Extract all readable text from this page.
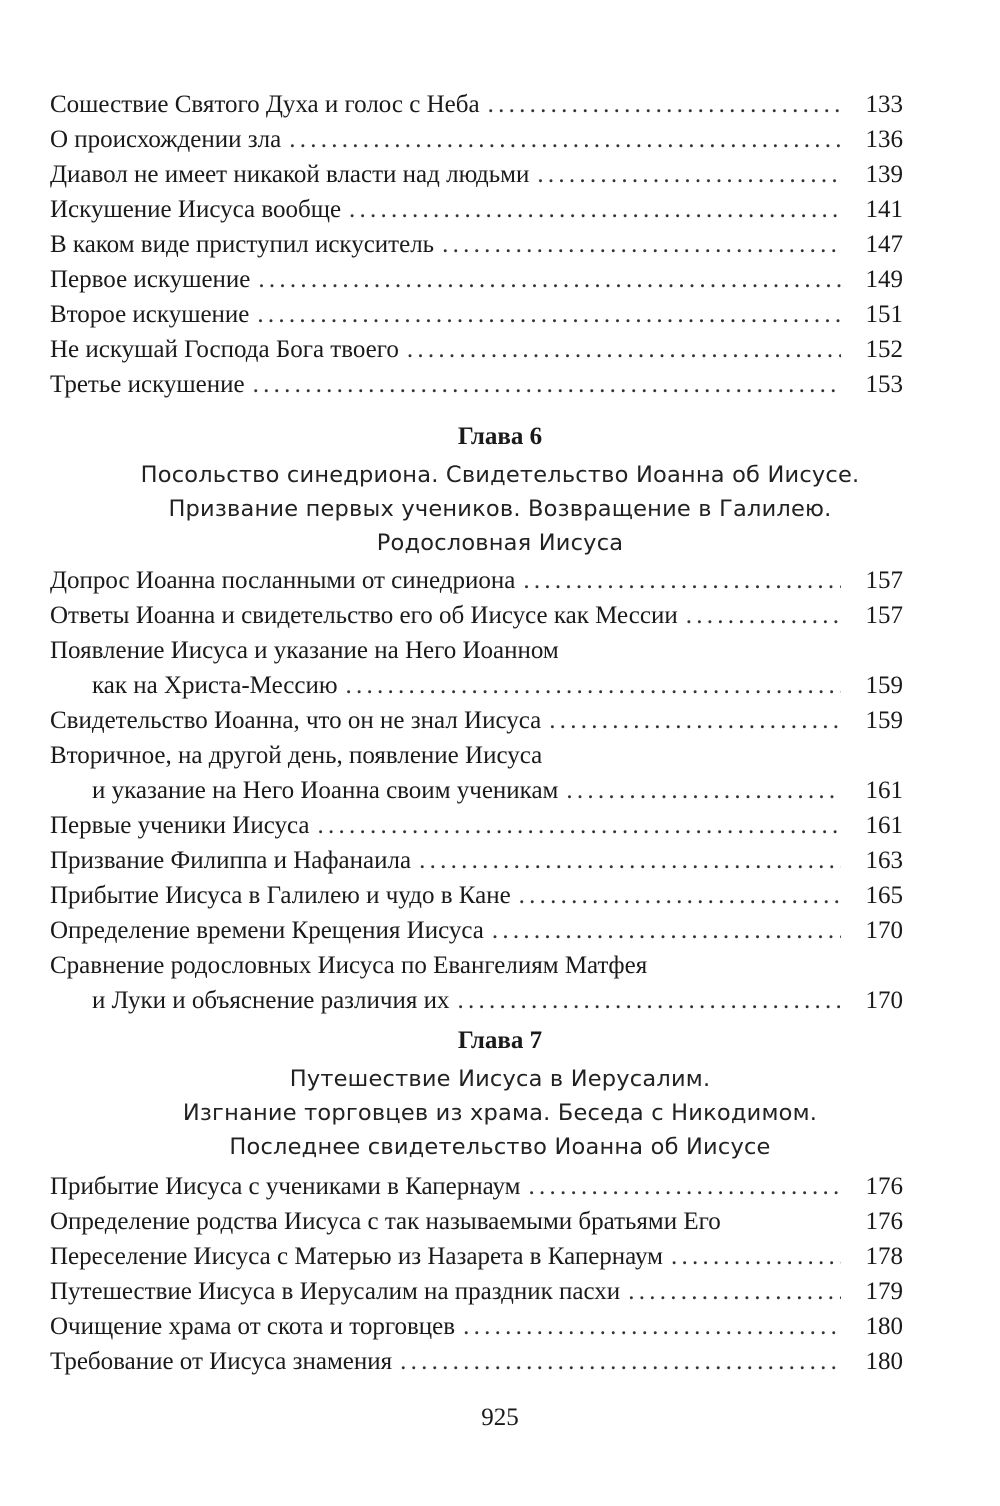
Сошествие Святого Духа и голос с Неба . . .	133
О происхождении зла . . .	136
Диавол не имеет никакой власти над людьми . . .	139
Искушение Иисуса вообще . . .	141
В каком виде приступил искуситель . . .	147
Первое искушение . . .	149
Второе искушение . . .	151
Не искушай Господа Бога твоего . . .	152
Третье искушение . . .	153
Глава 6
Посольство синедриона. Свидетельство Иоанна об Иисусе.
Призвание первых учеников. Возвращение в Галилею.
Родословная Иисуса
Допрос Иоанна посланными от синедриона . . .	157
Ответы Иоанна и свидетельство его об Иисусе как Мессии . . .	157
Появление Иисуса и указание на Него Иоанном
как на Христа-Мессию . . .	159
Свидетельство Иоанна, что он не знал Иисуса . . .	159
Вторичное, на другой день, появление Иисуса
и указание на Него Иоанна своим ученикам . . .	161
Первые ученики Иисуса . . .	161
Призвание Филиппа и Нафанаила . . .	163
Прибытие Иисуса в Галилею и чудо в Кане . . .	165
Определение времени Крещения Иисуса . . .	170
Сравнение родословных Иисуса по Евангелиям Матфея
и Луки и объяснение различия их . . .	170
Глава 7
Путешествие Иисуса в Иерусалим.
Изгнание торговцев из храма. Беседа с Никодимом.
Последнее свидетельство Иоанна об Иисусе
Прибытие Иисуса с учениками в Капернаум . . .	176
Определение родства Иисуса с так называемыми братьями Его	176
Переселение Иисуса с Матерью из Назарета в Капернаум . . .	178
Путешествие Иисуса в Иерусалим на праздник пасхи . . .	179
Очищение храма от скота и торговцев . . .	180
Требование от Иисуса знамения . . .	180
925
